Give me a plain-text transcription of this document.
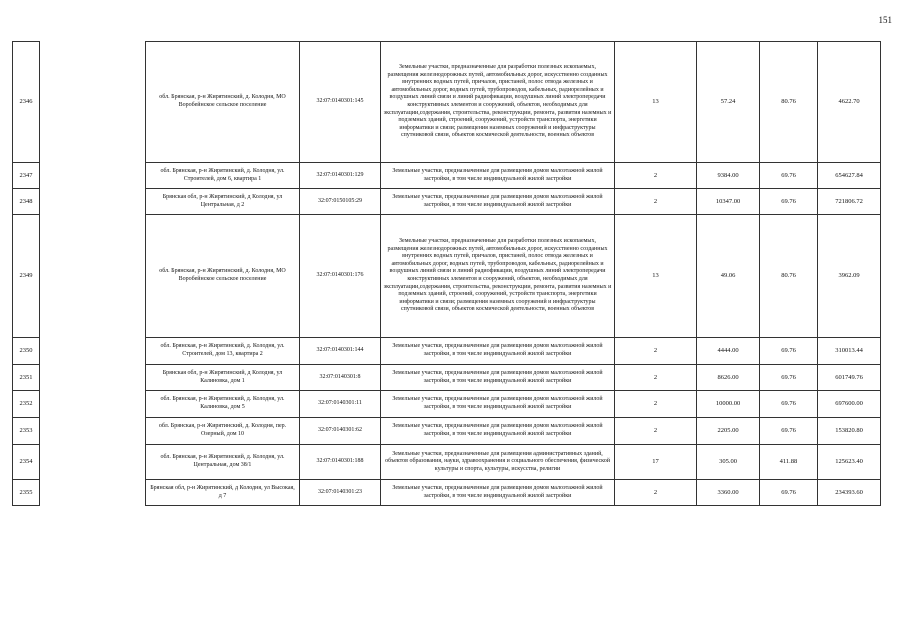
151
2346		обл. Брянская, р-н Жирятинский, д. Колодня, МО Воробейнское сельское поселение	32:07:0140301:145	Земельные участки, предназначенные для разработки полезных ископаемых, размещения железнодорожных путей, автомобильных дорог, искусственно созданных внутренних водных путей, причалов, пристаней, полос отвода железных и автомобильных дорог, водных путей, трубопроводов, кабельных, радиорелейных и воздушных линий связи и линий радиофикации, воздушных линий электропередачи конструктивных элементов и сооружений, объектов, необходимых для эксплуатации,содержания, строительства, реконструкции, ремонта, развития наземных и подземных зданий, строений, сооружений, устройств транспорта, энергетики информатики и связи; размещения наземных сооружений и инфраструктуры спутниковой связи, объектов космической деятельности, военных объектов	13	57.24	80.76	4622.70
2347		обл. Брянская, р-н Жирятинский, д. Колодня, ул. Строителей, дом 6, квартира 1	32:07:0140301:129	Земельные участки, предназначенные для размещения домов малоэтажной жилой застройки, в том числе индивидуальной жилой застройки	2	9384.00	69.76	654627.84
2348		Брянская обл, р-н Жирятинский, д Колодня, ул Центральная, д 2	32:07:0150105:29	Земельные участки, предназначенные для размещения домов малоэтажной жилой застройки, в том числе индивидуальной жилой застройки	2	10347.00	69.76	721806.72
2349		обл. Брянская, р-н Жирятинский, д. Колодня, МО Воробейнское сельское поселение	32:07:0140301:176	Земельные участки, предназначенные для разработки полезных ископаемых, размещения железнодорожных путей, автомобильных дорог, искусственно созданных внутренних водных путей, причалов, пристаней, полос отвода железных и автомобильных дорог, водных путей, трубопроводов, кабельных, радиорелейных и воздушных линий связи и линий радиофикации, воздушных линий электропередачи конструктивных элементов и сооружений, объектов, необходимых для эксплуатации,содержания, строительства, реконструкции, ремонта, развития наземных и подземных зданий, строений, сооружений, устройств транспорта, энергетики информатики и связи; размещения наземных сооружений и инфраструктуры спутниковой связи, объектов космической деятельности, военных объектов	13	49.06	80.76	3962.09
2350		обл. Брянская, р-н Жирятинский, д. Колодня, ул. Строителей, дом 13, квартира 2	32:07:0140301:144	Земельные участки, предназначенные для размещения домов малоэтажной жилой застройки, в том числе индивидуальной жилой застройки	2	4444.00	69.76	310013.44
2351		Брянская обл, р-н Жирятинский, д Колодня, ул Калиновка, дом 1	32:07:0140301:8	Земельные участки, предназначенные для размещения домов малоэтажной жилой застройки, в том числе индивидуальной жилой застройки	2	8626.00	69.76	601749.76
2352		обл. Брянская, р-н Жирятинский, д. Колодня, ул. Калиновка, дом 5	32:07:0140301:11	Земельные участки, предназначенные для размещения домов малоэтажной жилой застройки, в том числе индивидуальной жилой застройки	2	10000.00	69.76	697600.00
2353		обл. Брянская, р-н Жирятинский, д. Колодня, пер. Озерный, дом 10	32:07:0140301:62	Земельные участки, предназначенные для размещения домов малоэтажной жилой застройки, в том числе индивидуальной жилой застройки	2	2205.00	69.76	153820.80
2354		обл. Брянская, р-н Жирятинский, д. Колодня, ул. Центральная, дом 38/1	32:07:0140301:188	Земельные участки, предназначенные для размещения административных зданий, объектов образования, науки, здравоохранения и социального обеспечения, физической культуры и спорта, культуры, искусства, религии	17	305.00	411.88	125623.40
2355		Брянская обл, р-н Жирятинский, д Колодня, ул Высокая, д 7	32:07:0140301:23	Земельные участки, предназначенные для размещения домов малоэтажной жилой застройки, в том числе индивидуальной жилой застройки	2	3360.00	69.76	234393.60
